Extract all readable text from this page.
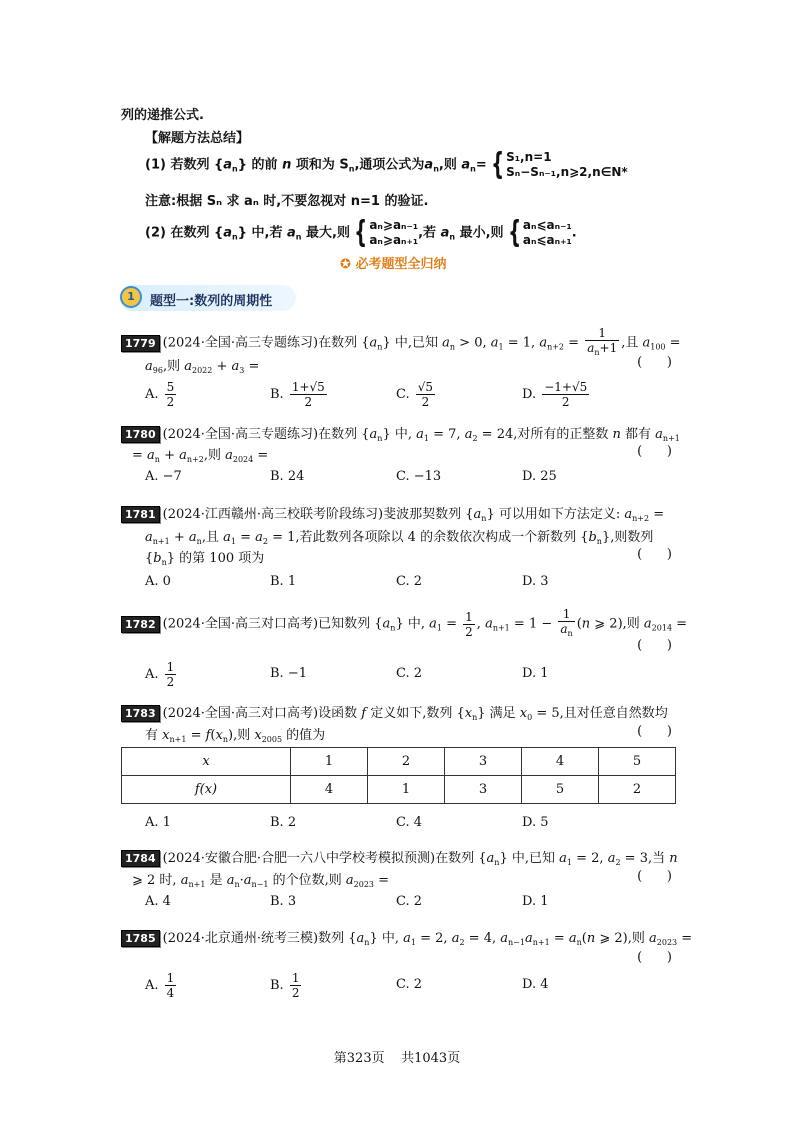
列的递推公式.
【解题方法总结】
(1) 若数列 $\{a_n\}$ 的前 n 项和为 $S_n$,通项公式为$a_n$,则 $a_n=$ { S₁,n=1
Sₙ−Sₙ₋₁,n⩾2,n∈N*
注意:根据 Sₙ 求 aₙ 时,不要忽视对 n=1 的验证.
(2) 在数列 $\{a_n\}$ 中,若 $a_n$ 最大,则 { aₙ⩾aₙ₋₁
aₙ⩾aₙ₊₁ ,若 $a_n$ 最小,则 { aₙ⩽aₙ₋₁
aₙ⩽aₙ₊₁ .
✪ 必考题型全归纳
1	题型一:数列的周期性
1779 (2024·全国·高三专题练习)在数列 $\{a_n\}$ 中,已知 $a_n > 0$, $a_1 = 1$, $a_{n+2} = \frac{1}{a_n+1}$ ,且 $a_{100}$ =
$a_{96}$,则 $a_{2022} + a_3$ =	(      )
A. $\frac{5}{2}$	B. $\frac{1+√5}{2}$	C. $\frac{√5}{2}$	D. $\frac{-1+√5}{2}$
1780 (2024·全国·高三专题练习)在数列 $\{a_n\}$ 中, $a_1 = 7$, $a_2 = 24$,对所有的正整数 n 都有 $a_{n+1}$
= $a_n + a_{n+2}$,则 $a_{2024}$ =	(      )
A. −7	B. 24	C. −13	D. 25
1781 (2024·江西赣州·高三校联考阶段练习)斐波那契数列 $\{a_n\}$ 可以用如下方法定义: $a_{n+2}$ =
$a_{n+1} + a_n$,且 $a_1 = a_2 = 1$,若此数列各项除以 4 的余数依次构成一个新数列 $\{b_n\}$,则数列
$\{b_n\}$ 的第 100 项为	(      )
A. 0	B. 1	C. 2	D. 3
1782 (2024·全国·高三对口高考)已知数列 $\{a_n\}$ 中, $a_1 = \frac{1}{2}$ , $a_{n+1} = 1 - \frac{1}{a_n} (n$ ⩾ 2),则 $a_{2014}$ =
(      )
A. $\frac{1}{2}$	B. −1	C. 2	D. 1
1783 (2024·全国·高三对口高考)设函数 f 定义如下,数列 $\{x_n\}$ 满足 $x_0 = 5$,且对任意自然数均
有 $x_{n+1} = f(x_n)$,则 $x_{2005}$ 的值为	(      )
x	1	2	3	4	5
f(x)	4	1	3	5	2
A. 1	B. 2	C. 4	D. 5
1784 (2024·安徽合肥·合肥一六八中学校考模拟预测)在数列 $\{a_n\}$ 中,已知 $a_1 = 2$, $a_2 = 3$,当 n
⩾ 2 时, $a_{n+1}$ 是 $a_n\cdot a_{n-1}$ 的个位数,则 $a_{2023}$ =	(      )
A. 4	B. 3	C. 2	D. 1
1785 (2024·北京通州·统考三模)数列 $\{a_n\}$ 中, $a_1 = 2$, $a_2 = 4$, $a_{n-1}a_{n+1} = a_n(n$ ⩾ 2),则 $a_{2023}$ =
(      )
A. $\frac{1}{4}$	B. $\frac{1}{2}$	C. 2	D. 4
第323页    共1043页
